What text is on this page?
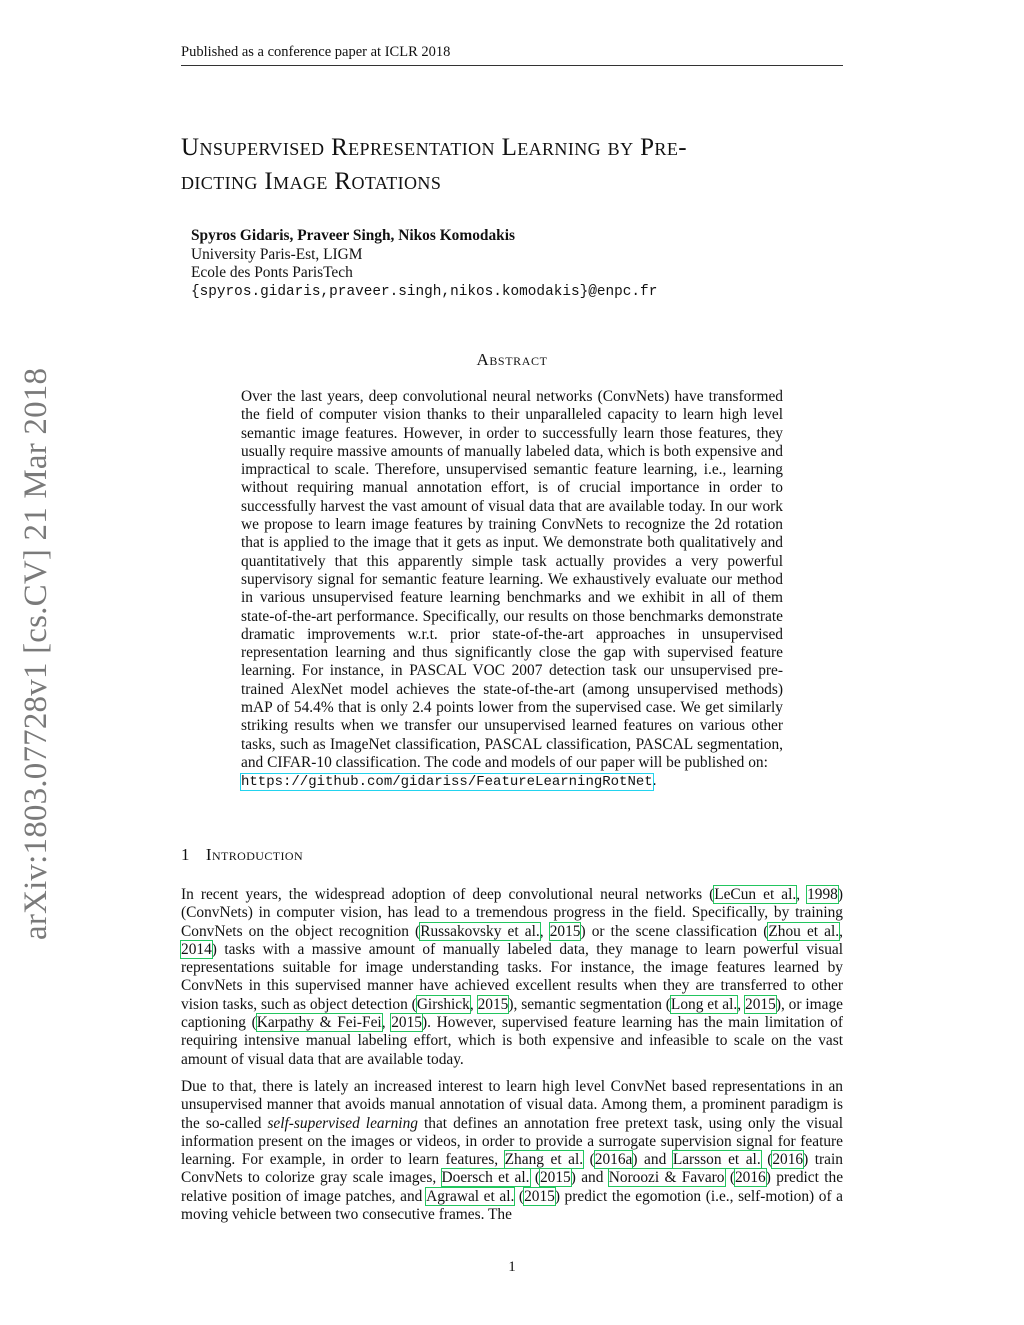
Published as a conference paper at ICLR 2018
arXiv:1803.07728v1 [cs.CV] 21 Mar 2018
Unsupervised Representation Learning by Pre-
dicting Image Rotations
Spyros Gidaris, Praveer Singh, Nikos Komodakis
University Paris-Est, LIGM
Ecole des Ponts ParisTech
{spyros.gidaris,praveer.singh,nikos.komodakis}@enpc.fr
Abstract
Over the last years, deep convolutional neural networks (ConvNets) have transformed the field of computer vision thanks to their unparalleled capacity to learn high level semantic image features. However, in order to successfully learn those features, they usually require massive amounts of manually labeled data, which is both expensive and impractical to scale. Therefore, unsupervised semantic feature learning, i.e., learning without requiring manual annotation effort, is of crucial importance in order to successfully harvest the vast amount of visual data that are available today. In our work we propose to learn image features by training ConvNets to recognize the 2d rotation that is applied to the image that it gets as input. We demonstrate both qualitatively and quantitatively that this apparently simple task actually provides a very powerful supervisory signal for semantic feature learning. We exhaustively evaluate our method in various unsupervised feature learning benchmarks and we exhibit in all of them state-of-the-art performance. Specifically, our results on those benchmarks demonstrate dramatic improvements w.r.t. prior state-of-the-art approaches in unsupervised representation learning and thus significantly close the gap with supervised feature learning. For instance, in PASCAL VOC 2007 detection task our unsupervised pre-trained AlexNet model achieves the state-of-the-art (among unsupervised methods) mAP of 54.4% that is only 2.4 points lower from the supervised case. We get similarly striking results when we transfer our unsupervised learned features on various other tasks, such as ImageNet classification, PASCAL classification, PASCAL segmentation, and CIFAR-10 classification. The code and models of our paper will be published on:
https://github.com/gidariss/FeatureLearningRotNet.
1 Introduction
In recent years, the widespread adoption of deep convolutional neural networks (LeCun et al., 1998) (ConvNets) in computer vision, has lead to a tremendous progress in the field. Specifically, by training ConvNets on the object recognition (Russakovsky et al., 2015) or the scene classification (Zhou et al., 2014) tasks with a massive amount of manually labeled data, they manage to learn powerful visual representations suitable for image understanding tasks. For instance, the image features learned by ConvNets in this supervised manner have achieved excellent results when they are transferred to other vision tasks, such as object detection (Girshick, 2015), semantic segmentation (Long et al., 2015), or image captioning (Karpathy & Fei-Fei, 2015). However, supervised feature learning has the main limitation of requiring intensive manual labeling effort, which is both expensive and infeasible to scale on the vast amount of visual data that are available today.
Due to that, there is lately an increased interest to learn high level ConvNet based representations in an unsupervised manner that avoids manual annotation of visual data. Among them, a prominent paradigm is the so-called self-supervised learning that defines an annotation free pretext task, using only the visual information present on the images or videos, in order to provide a surrogate supervision signal for feature learning. For example, in order to learn features, Zhang et al. (2016a) and Larsson et al. (2016) train ConvNets to colorize gray scale images, Doersch et al. (2015) and Noroozi & Favaro (2016) predict the relative position of image patches, and Agrawal et al. (2015) predict the egomotion (i.e., self-motion) of a moving vehicle between two consecutive frames. The
1
